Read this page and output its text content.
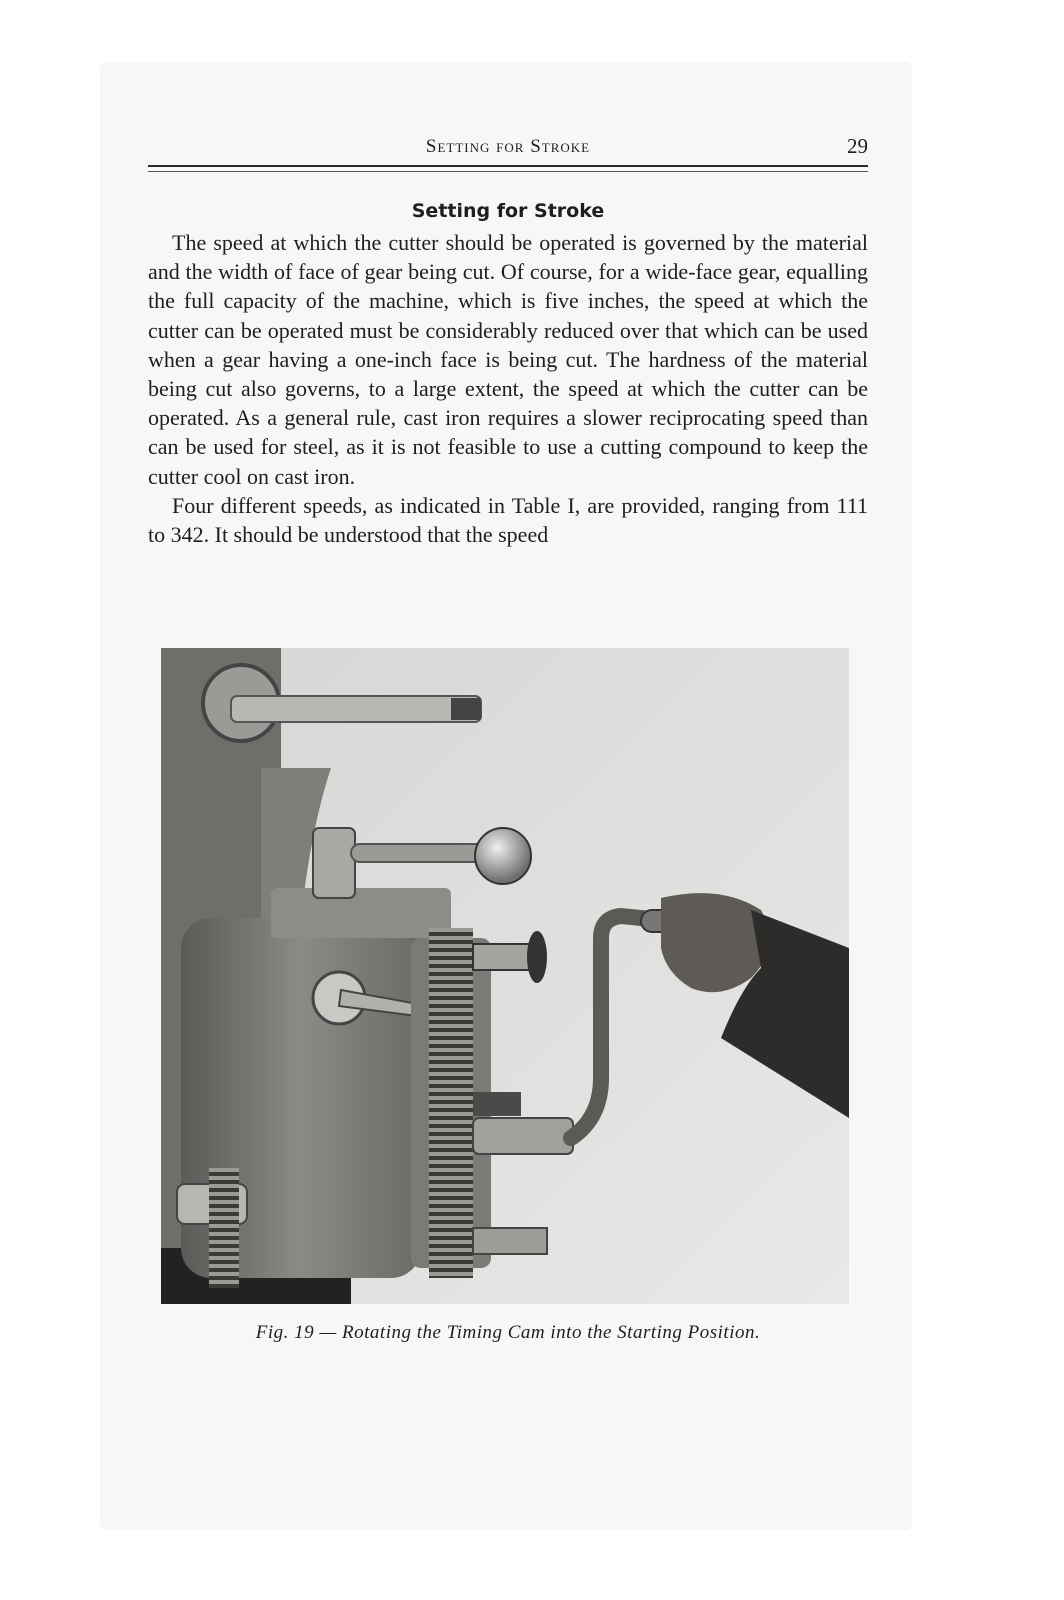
Setting for Stroke	29
Setting for Stroke

The speed at which the cutter should be operated is governed by the material and the width of face of gear being cut. Of course, for a wide-face gear, equalling the full capacity of the machine, which is five inches, the speed at which the cutter can be operated must be considerably reduced over that which can be used when a gear having a one-inch face is being cut. The hardness of the material being cut also governs, to a large extent, the speed at which the cutter can be operated. As a general rule, cast iron requires a slower reciprocating speed than can be used for steel, as it is not feasible to use a cutting compound to keep the cutter cool on cast iron.

Four different speeds, as indicated in Table I, are provided, ranging from 111 to 342. It should be understood that the speed

Fig. 19 — Rotating the Timing Cam into the Starting Position.
